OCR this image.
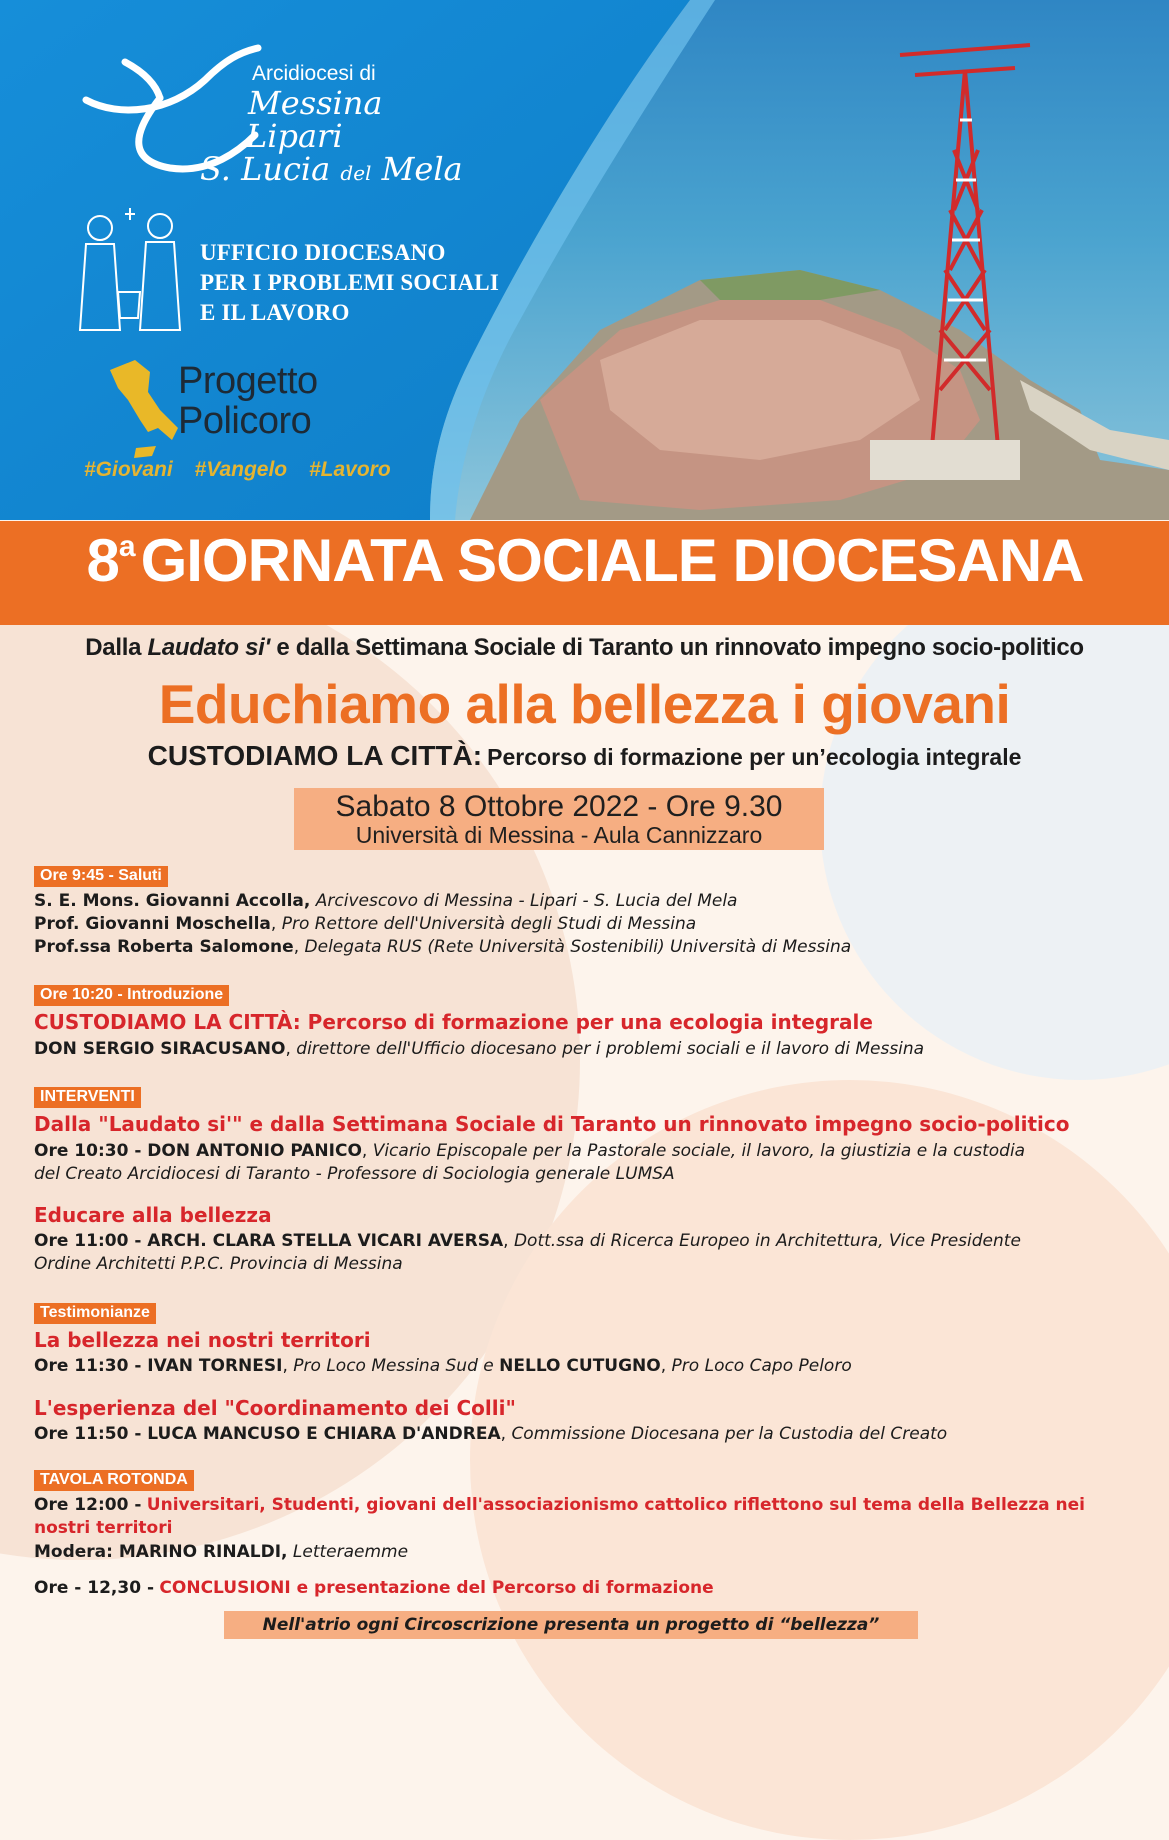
Arcidiocesi di
Messina
Lipari
S. Lucia del Mela
UFFICIO DIOCESANO
PER I PROBLEMI SOCIALI
E IL LAVORO
Progetto
Policoro
#Giovani #Vangelo #Lavoro
8$^a$ GIORNATA SOCIALE DIOCESANA
Dalla Laudato si' e dalla Settimana Sociale di Taranto un rinnovato impegno socio-politico
Educhiamo alla bellezza i giovani
CUSTODIAMO LA CITTÀ: Percorso di formazione per un’ecologia integrale
Sabato 8 Ottobre 2022 - Ore 9.30
Università di Messina - Aula Cannizzaro
Ore 9:45 - Saluti
S. E. Mons. Giovanni Accolla, Arcivescovo di Messina - Lipari - S. Lucia del Mela
Prof. Giovanni Moschella, Pro Rettore dell'Università degli Studi di Messina
Prof.ssa Roberta Salomone, Delegata RUS (Rete Università Sostenibili) Università di Messina
Ore 10:20 - Introduzione
CUSTODIAMO LA CITTÀ: Percorso di formazione per una ecologia integrale
DON SERGIO SIRACUSANO, direttore dell'Ufficio diocesano per i problemi sociali e il lavoro di Messina
INTERVENTI
Dalla "Laudato si'" e dalla Settimana Sociale di Taranto un rinnovato impegno socio-politico
Ore 10:30 - DON ANTONIO PANICO, Vicario Episcopale per la Pastorale sociale, il lavoro, la giustizia e la custodia
del Creato Arcidiocesi di Taranto - Professore di Sociologia generale LUMSA
Educare alla bellezza
Ore 11:00 - ARCH. CLARA STELLA VICARI AVERSA, Dott.ssa di Ricerca Europeo in Architettura, Vice Presidente
Ordine Architetti P.P.C. Provincia di Messina
Testimonianze
La bellezza nei nostri territori
Ore 11:30 - IVAN TORNESI, Pro Loco Messina Sud e NELLO CUTUGNO, Pro Loco Capo Peloro
L'esperienza del "Coordinamento dei Colli"
Ore 11:50 - LUCA MANCUSO E CHIARA D'ANDREA, Commissione Diocesana per la Custodia del Creato
TAVOLA ROTONDA
Ore 12:00 - Universitari, Studenti, giovani dell'associazionismo cattolico riflettono sul tema della Bellezza nei
nostri territori
Modera: MARINO RINALDI, Letteraemme
Ore - 12,30 - CONCLUSIONI e presentazione del Percorso di formazione
Nell'atrio ogni Circoscrizione presenta un progetto di “bellezza”
